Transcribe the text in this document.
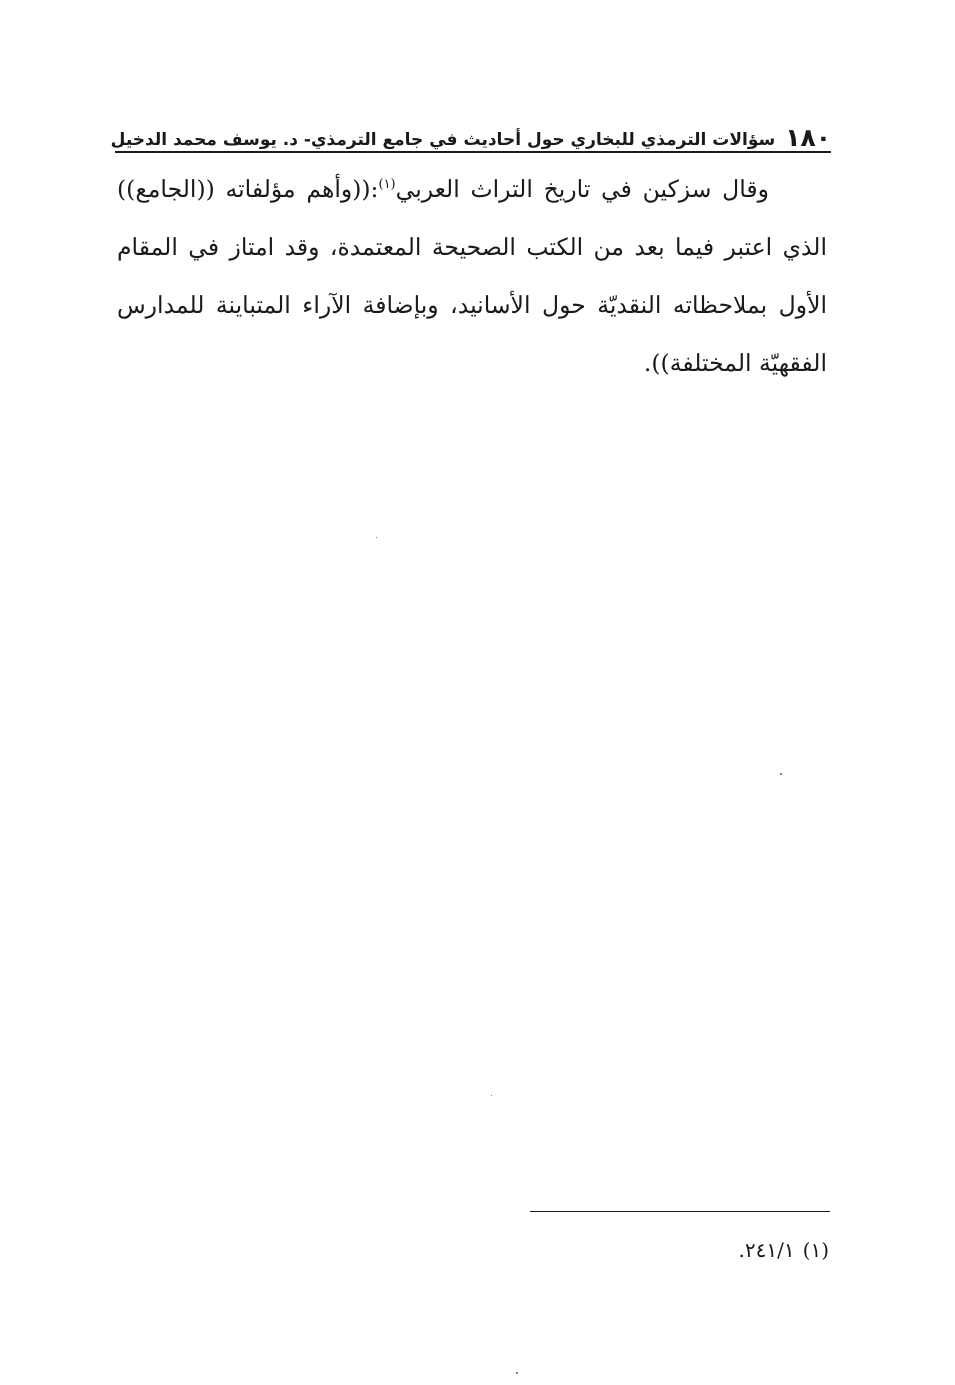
١٨٠
سؤالات الترمذي للبخاري حول أحاديث في جامع الترمذي- د. يوسف محمد الدخيل

وقال سزكين في تاريخ التراث العربي$^{(١)}$:((وأهم مؤلفاته ((الجامع)) الذي اعتبر فيما بعد من الكتب الصحيحة المعتمدة، وقد امتاز في المقام الأول بملاحظاته النقديّة حول الأسانيد، وبإضافة الآراء المتباينة للمدارس الفقهيّة المختلفة)).

(١)٢٤١/١.
